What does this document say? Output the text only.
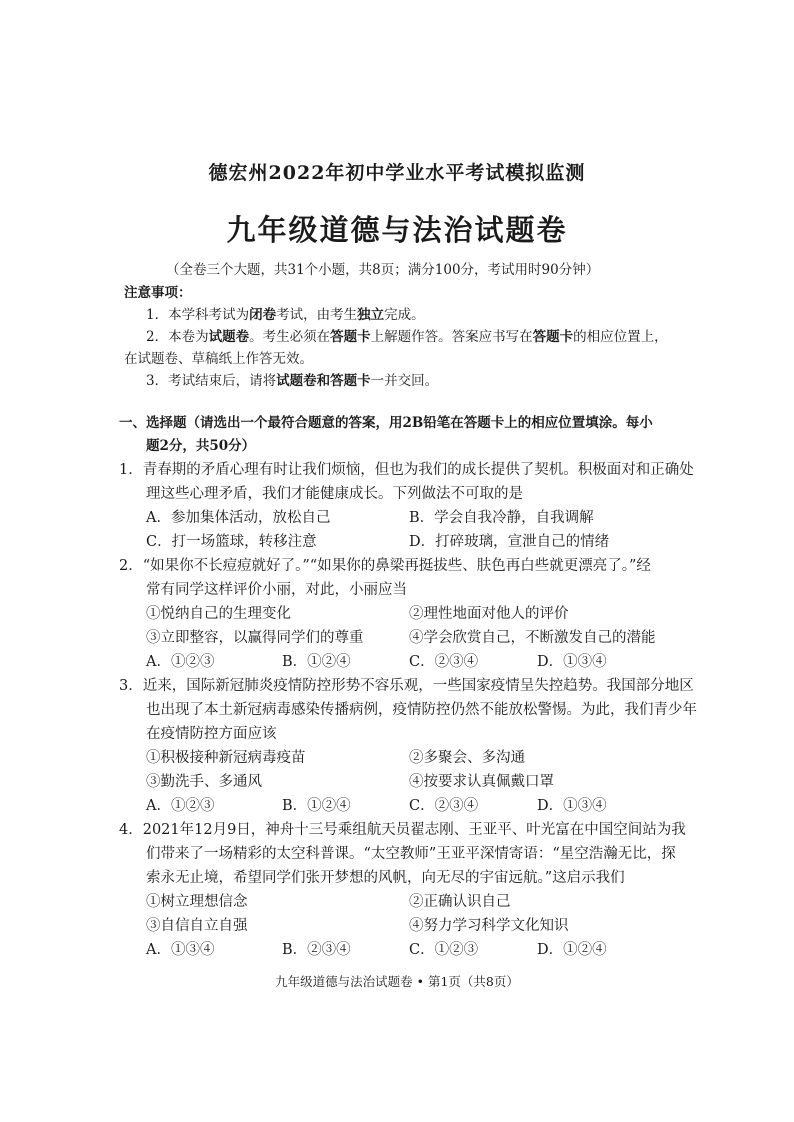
德宏州2022年初中学业水平考试模拟监测
九年级道德与法治试题卷
（全卷三个大题，共31个小题，共8页；满分100分，考试用时90分钟）
注意事项：
1．本学科考试为闭卷考试，由考生独立完成。
2．本卷为试题卷。考生必须在答题卡上解题作答。答案应书写在答题卡的相应位置上，
在试题卷、草稿纸上作答无效。
3．考试结束后，请将试题卷和答题卡一并交回。
一、选择题（请选出一个最符合题意的答案，用2B铅笔在答题卡上的相应位置填涂。每小
题2分，共50分）
1．青春期的矛盾心理有时让我们烦恼，但也为我们的成长提供了契机。积极面对和正确处
理这些心理矛盾，我们才能健康成长。下列做法不可取的是
A．参加集体活动，放松自己	B．学会自我冷静，自我调解
C．打一场篮球，转移注意	D．打碎玻璃，宣泄自己的情绪
2．“如果你不长痘痘就好了。”“如果你的鼻梁再挺拔些、肤色再白些就更漂亮了。”经
常有同学这样评价小丽，对此，小丽应当
①悦纳自己的生理变化	②理性地面对他人的评价
③立即整容，以赢得同学们的尊重	④学会欣赏自己，不断激发自己的潜能
A．①②③	B．①②④	C．②③④	D．①③④
3．近来，国际新冠肺炎疫情防控形势不容乐观，一些国家疫情呈失控趋势。我国部分地区
也出现了本土新冠病毒感染传播病例，疫情防控仍然不能放松警惕。为此，我们青少年
在疫情防控方面应该
①积极接种新冠病毒疫苗	②多聚会、多沟通
③勤洗手、多通风	④按要求认真佩戴口罩
A．①②③	B．①②④	C．②③④	D．①③④
4．2021年12月9日，神舟十三号乘组航天员翟志刚、王亚平、叶光富在中国空间站为我
们带来了一场精彩的太空科普课。“太空教师”王亚平深情寄语：“星空浩瀚无比，探
索永无止境，希望同学们张开梦想的风帆，向无尽的宇宙远航。”这启示我们
①树立理想信念	②正确认识自己
③自信自立自强	④努力学习科学文化知识
A．①③④	B．②③④	C．①②③	D．①②④
九年级道德与法治试题卷 • 第1页（共8页）
